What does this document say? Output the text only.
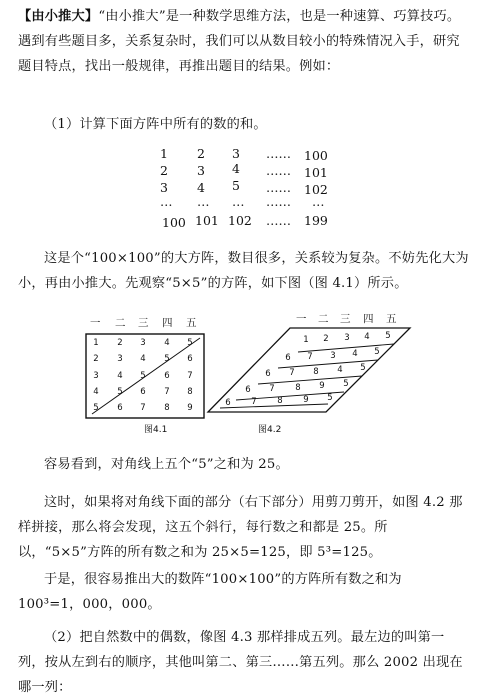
【由小推大】“由小推大”是一种数学思维方法，也是一种速算、巧算技巧。遇到有些题目多，关系复杂时，我们可以从数目较小的特殊情况入手，研究题目特点，找出一般规律，再推出题目的结果。例如：
（1）计算下面方阵中所有的数的和。
1 2 3 …… 100
2 3 4 …… 101
3 4 5 …… 102
… … … …… …
100 101 102 …… 199
这是个“100×100”的大方阵，数目很多，关系较为复杂。不妨先化大为小，再由小推大。先观察“5×5”的方阵，如下图（图 4.1）所示。
一 二 三 四 五
1 2 3 4 5
2 3 4 5 6
3 4 5 6 7
4 5 6 7 8
5 6 7 8 9
图4.1
一 二 三 四 五
1 2 3 4 5
6 7 3 4 5
6 7 8 4 5
6 7 8 9 5
6 7 8 9 5
图4.2
容易看到，对角线上五个“5”之和为 25。
这时，如果将对角线下面的部分（右下部分）用剪刀剪开，如图 4.2 那样拼接，那么将会发现，这五个斜行，每行数之和都是 25。所以，“5×5”方阵的所有数之和为 25×5=125，即 5³=125。
于是，很容易推出大的数阵“100×100”的方阵所有数之和为 100³=1，000，000。
（2）把自然数中的偶数，像图 4.3 那样排成五列。最左边的叫第一列，按从左到右的顺序，其他叫第二、第三……第五列。那么 2002 出现在哪一列：
